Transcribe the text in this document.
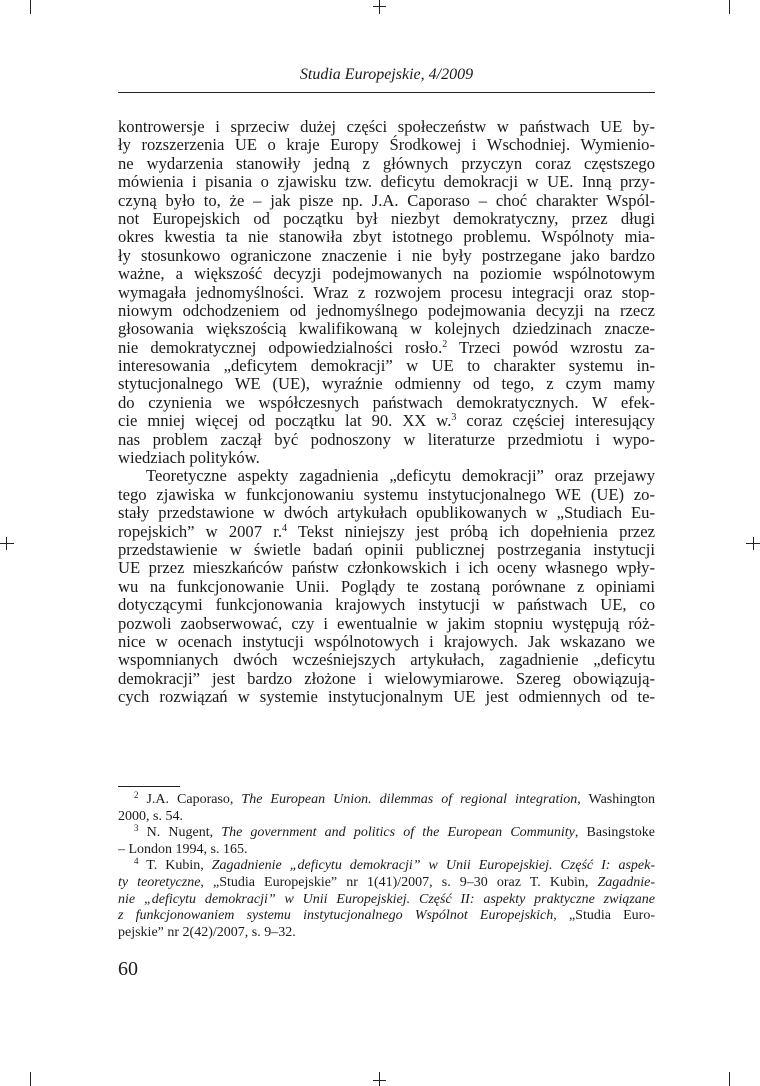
Studia Europejskie, 4/2009
kontrowersje i sprzeciw dużej części społeczeństw w państwach UE by-
ły rozszerzenia UE o kraje Europy Środkowej i Wschodniej. Wymienio-
ne wydarzenia stanowiły jedną z głównych przyczyn coraz częstszego
mówienia i pisania o zjawisku tzw. deficytu demokracji w UE. Inną przy-
czyną było to, że – jak pisze np. J.A. Caporaso – choć charakter Wspól-
not Europejskich od początku był niezbyt demokratyczny, przez długi
okres kwestia ta nie stanowiła zbyt istotnego problemu. Wspólnoty mia-
ły stosunkowo ograniczone znaczenie i nie były postrzegane jako bardzo
ważne, a większość decyzji podejmowanych na poziomie wspólnotowym
wymagała jednomyślności. Wraz z rozwojem procesu integracji oraz stop-
niowym odchodzeniem od jednomyślnego podejmowania decyzji na rzecz
głosowania większością kwalifikowaną w kolejnych dziedzinach znacze-
nie demokratycznej odpowiedzialności rosło.$^2$ Trzeci powód wzrostu za-
interesowania „deficytem demokracji” w UE to charakter systemu in-
stytucjonalnego WE (UE), wyraźnie odmienny od tego, z czym mamy
do czynienia we współczesnych państwach demokratycznych. W efek-
cie mniej więcej od początku lat 90. XX w.$^3$ coraz częściej interesujący
nas problem zaczął być podnoszony w literaturze przedmiotu i wypo-
wiedziach polityków.
Teoretyczne aspekty zagadnienia „deficytu demokracji” oraz przejawy
tego zjawiska w funkcjonowaniu systemu instytucjonalnego WE (UE) zo-
stały przedstawione w dwóch artykułach opublikowanych w „Studiach Eu-
ropejskich” w 2007 r.$^4$ Tekst niniejszy jest próbą ich dopełnienia przez
przedstawienie w świetle badań opinii publicznej postrzegania instytucji
UE przez mieszkańców państw członkowskich i ich oceny własnego wpły-
wu na funkcjonowanie Unii. Poglądy te zostaną porównane z opiniami
dotyczącymi funkcjonowania krajowych instytucji w państwach UE, co
pozwoli zaobserwować, czy i ewentualnie w jakim stopniu występują róż-
nice w ocenach instytucji wspólnotowych i krajowych. Jak wskazano we
wspomnianych dwóch wcześniejszych artykułach, zagadnienie „deficytu
demokracji” jest bardzo złożone i wielowymiarowe. Szereg obowiązują-
cych rozwiązań w systemie instytucjonalnym UE jest odmiennych od te-
$^2$ J.A. Caporaso, The European Union. dilemmas of regional integration, Washington
2000, s. 54.
$^3$ N. Nugent, The government and politics of the European Community, Basingstoke
– London 1994, s. 165.
$^4$ T. Kubin, Zagadnienie „deficytu demokracji” w Unii Europejskiej. Część I: aspek-
ty teoretyczne, „Studia Europejskie” nr 1(41)/2007, s. 9–30 oraz T. Kubin, Zagadnie-
nie „deficytu demokracji” w Unii Europejskiej. Część II: aspekty praktyczne związane
z funkcjonowaniem systemu instytucjonalnego Wspólnot Europejskich, „Studia Euro-
pejskie” nr 2(42)/2007, s. 9–32.
60
